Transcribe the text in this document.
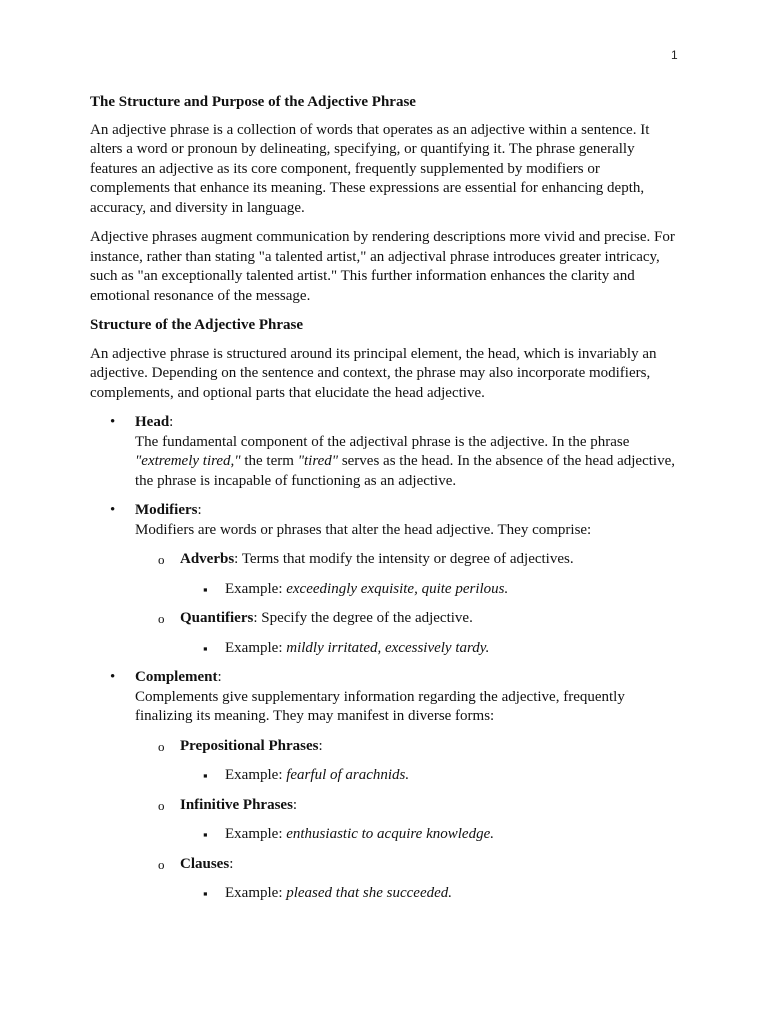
1
The Structure and Purpose of the Adjective Phrase

An adjective phrase is a collection of words that operates as an adjective within a sentence. It alters a word or pronoun by delineating, specifying, or quantifying it. The phrase generally features an adjective as its core component, frequently supplemented by modifiers or complements that enhance its meaning. These expressions are essential for enhancing depth, accuracy, and diversity in language.

Adjective phrases augment communication by rendering descriptions more vivid and precise. For instance, rather than stating "a talented artist," an adjectival phrase introduces greater intricacy, such as "an exceptionally talented artist." This further information enhances the clarity and emotional resonance of the message.

Structure of the Adjective Phrase

An adjective phrase is structured around its principal element, the head, which is invariably an adjective. Depending on the sentence and context, the phrase may also incorporate modifiers, complements, and optional parts that elucidate the head adjective.

• Head:
The fundamental component of the adjectival phrase is the adjective. In the phrase "extremely tired," the term "tired" serves as the head. In the absence of the head adjective, the phrase is incapable of functioning as an adjective.
• Modifiers:
Modifiers are words or phrases that alter the head adjective. They comprise:
o Adverbs: Terms that modify the intensity or degree of adjectives.
▪ Example: exceedingly exquisite, quite perilous.
o Quantifiers: Specify the degree of the adjective.
▪ Example: mildly irritated, excessively tardy.
• Complement:
Complements give supplementary information regarding the adjective, frequently finalizing its meaning. They may manifest in diverse forms:
o Prepositional Phrases:
▪ Example: fearful of arachnids.
o Infinitive Phrases:
▪ Example: enthusiastic to acquire knowledge.
o Clauses:
▪ Example: pleased that she succeeded.
